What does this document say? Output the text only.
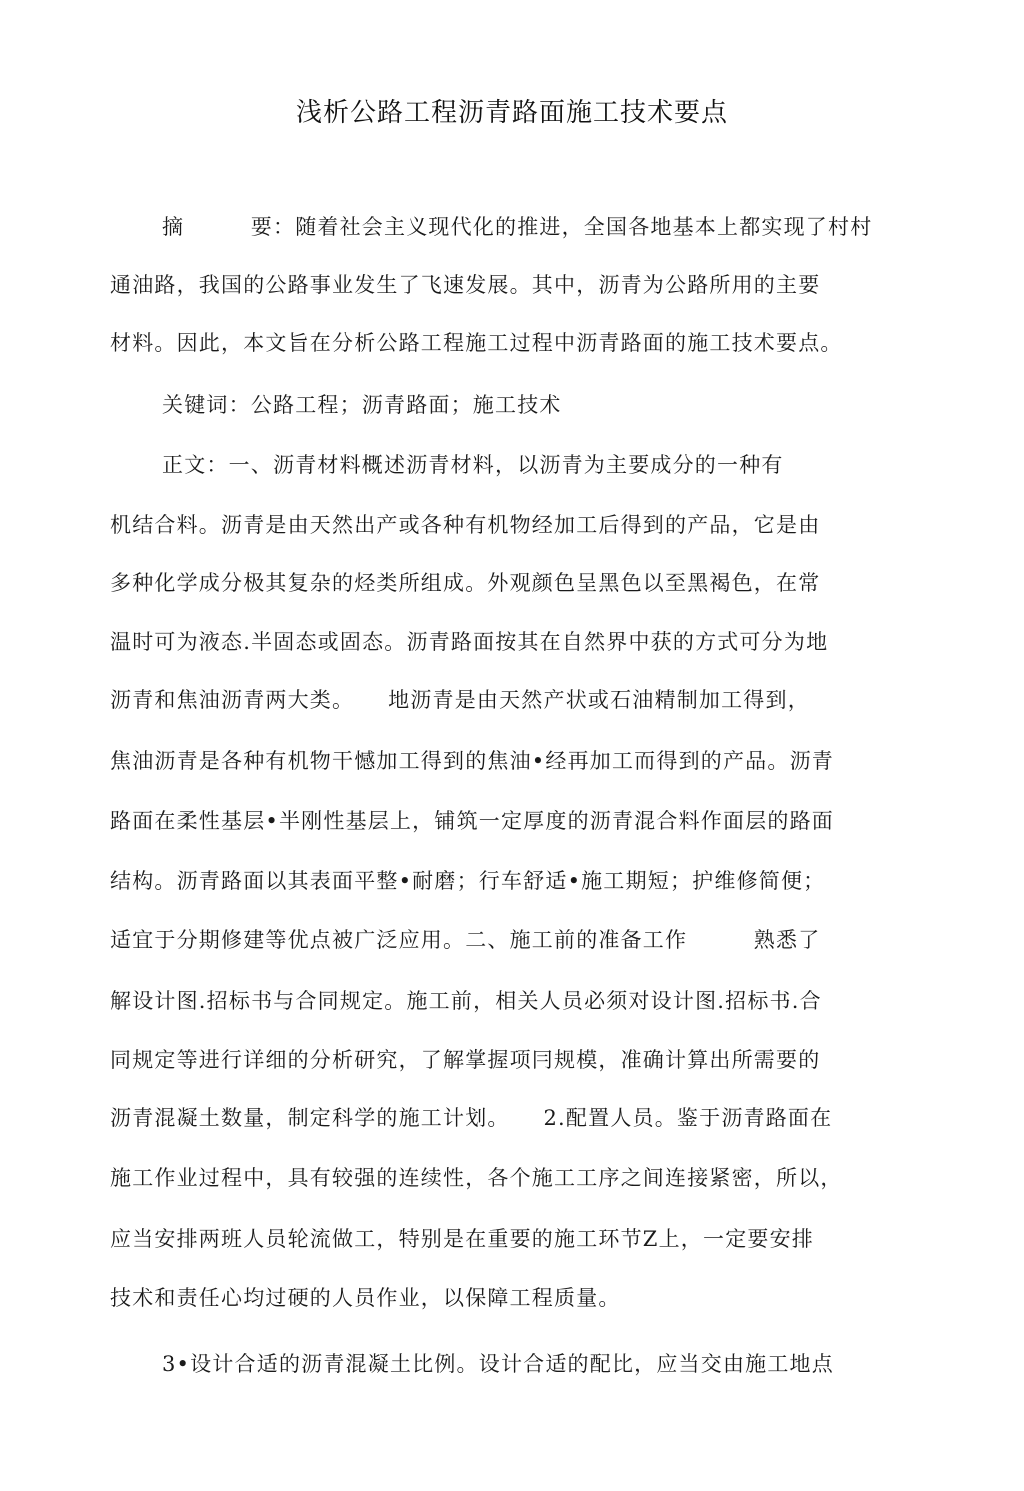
浅析公路工程沥青路面施工技术要点
摘　　　要：随着社会主义现代化的推进，全国各地基本上都实现了村村
通油路，我国的公路事业发生了飞速发展。其中，沥青为公路所用的主要
材料。因此，本文旨在分析公路工程施工过程中沥青路面的施工技术要点。
关键词：公路工程；沥青路面；施工技术
正文：一、沥青材料概述沥青材料，以沥青为主要成分的一种有
机结合料。沥青是由天然出产或各种有机物经加工后得到的产品，它是由
多种化学成分极其复杂的烃类所组成。外观颜色呈黑色以至黑褐色，在常
温时可为液态.半固态或固态。沥青路面按其在自然界中获的方式可分为地
沥青和焦油沥青两大类。　　地沥青是由天然产状或石油精制加工得到，
焦油沥青是各种有机物干憾加工得到的焦油•经再加工而得到的产品。沥青
路面在柔性基层•半刚性基层上，铺筑一定厚度的沥青混合料作面层的路面
结构。沥青路面以其表面平整•耐磨；行车舒适•施工期短；护维修简便；
适宜于分期修建等优点被广泛应用。二、施工前的准备工作　　　熟悉了
解设计图.招标书与合同规定。施工前，相关人员必须对设计图.招标书.合
同规定等进行详细的分析研究，了解掌握项冃规模，准确计算出所需要的
沥青混凝土数量，制定科学的施工计划。　　2.配置人员。鉴于沥青路面在
施工作业过程中，具有较强的连续性，各个施工工序之间连接紧密，所以，
应当安排两班人员轮流做工，特别是在重要的施工环节Z上，一定要安排
技术和责任心均过硬的人员作业，以保障工程质量。
3•设计合适的沥青混凝土比例。设计合适的配比，应当交由施工地点
